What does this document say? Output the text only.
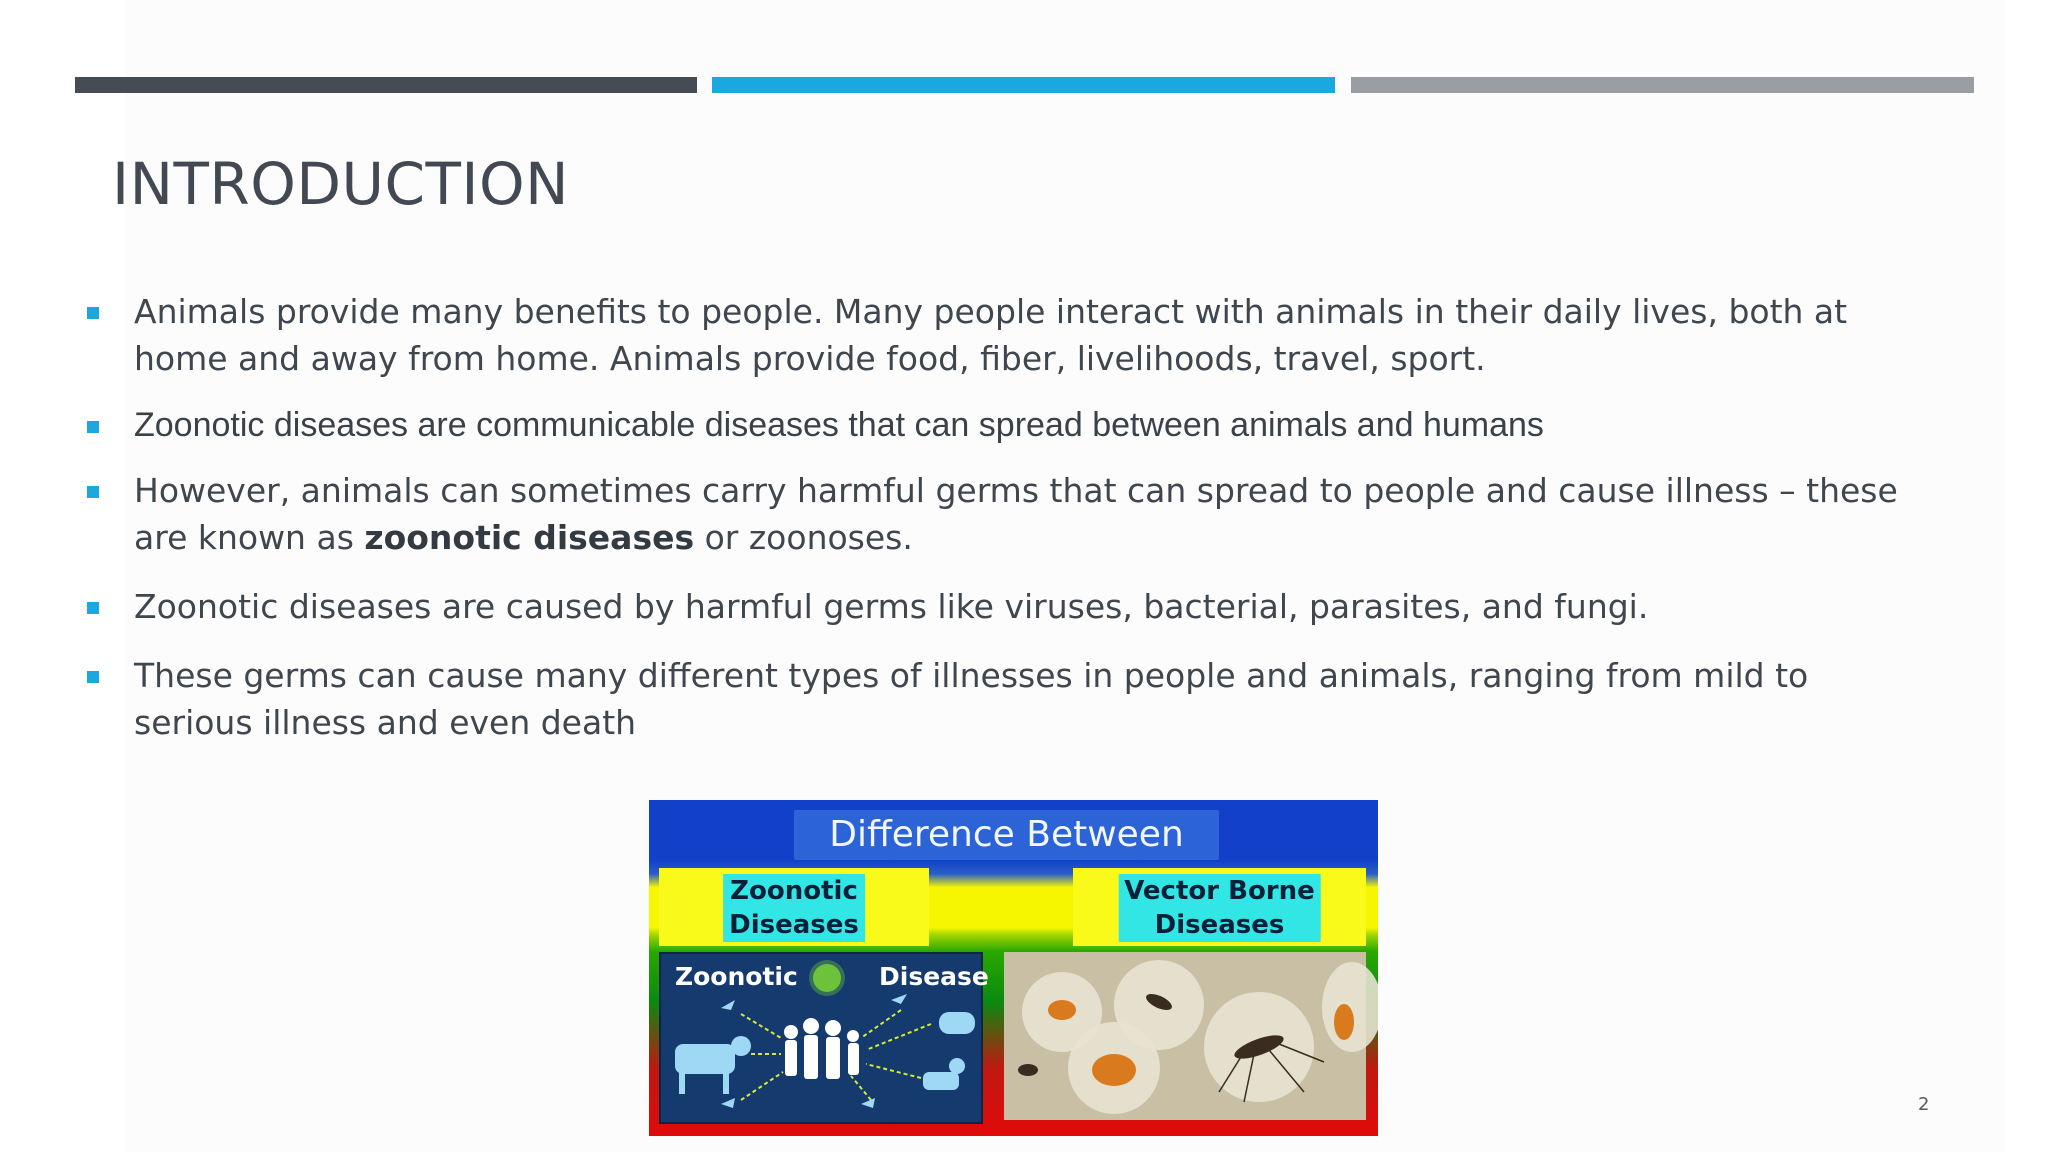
INTRODUCTION
Animals provide many benefits to people. Many people interact with animals in their daily lives, both at home and away from home. Animals provide food, fiber, livelihoods, travel, sport.
Zoonotic diseases are communicable diseases that can spread between animals and humans
However, animals can sometimes carry harmful germs that can spread to people and cause illness – these are known as zoonotic diseases or zoonoses.
Zoonotic diseases are caused by harmful germs like viruses, bacterial, parasites, and fungi.
These germs can cause many different types of illnesses in people and animals, ranging from mild to serious illness and even death
Difference Between
Zoonotic
Diseases
Vector Borne
Diseases
Zoonotic	Disease
2
